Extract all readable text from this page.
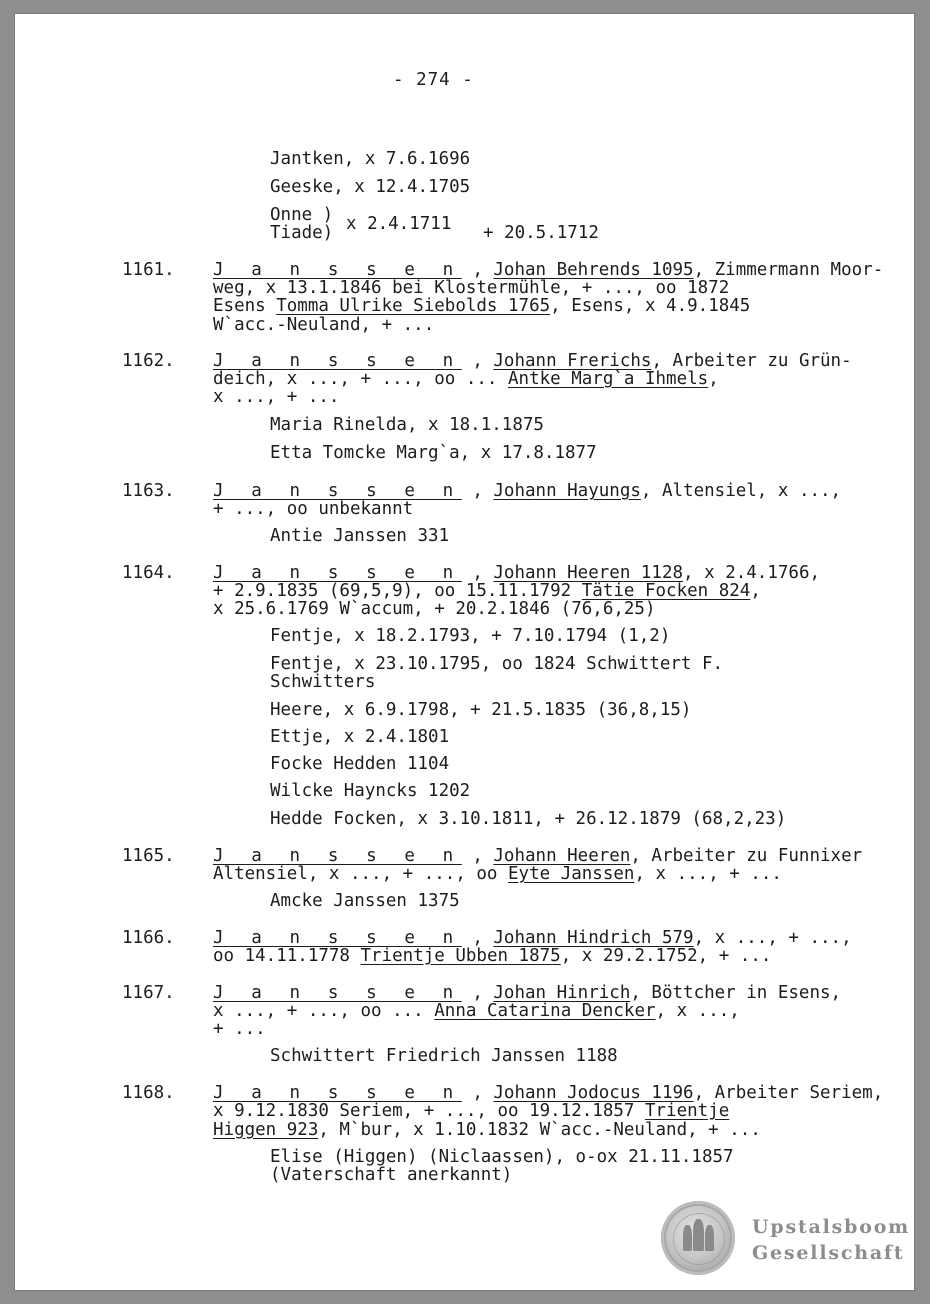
- 274 -
Jantken, x 7.6.1696
Geeske, x 12.4.1705
Onne )
Tiade) x 2.4.1711 + 20.5.1712
1161. J a n s s e n , Johan Behrends 1095, Zimmermann Moor-
weg, x 13.1.1846 bei Klostermühle, + ..., oo 1872
Esens Tomma Ulrike Siebolds 1765, Esens, x 4.9.1845
W`acc.-Neuland, + ...
1162. J a n s s e n , Johann Frerichs, Arbeiter zu Grün-
deich, x ..., + ..., oo ... Antke Marg`a Ihmels,
x ..., + ...
Maria Rinelda, x 18.1.1875
Etta Tomcke Marg`a, x 17.8.1877
1163. J a n s s e n , Johann Hayungs, Altensiel, x ...,
+ ..., oo unbekannt
Antie Janssen 331
1164. J a n s s e n , Johann Heeren 1128, x 2.4.1766,
+ 2.9.1835 (69,5,9), oo 15.11.1792 Tätie Focken 824,
x 25.6.1769 W`accum, + 20.2.1846 (76,6,25)
Fentje, x 18.2.1793, + 7.10.1794 (1,2)
Fentje, x 23.10.1795, oo 1824 Schwittert F.
Schwitters
Heere, x 6.9.1798, + 21.5.1835 (36,8,15)
Ettje, x 2.4.1801
Focke Hedden 1104
Wilcke Hayncks 1202
Hedde Focken, x 3.10.1811, + 26.12.1879 (68,2,23)
1165. J a n s s e n , Johann Heeren, Arbeiter zu Funnixer
Altensiel, x ..., + ..., oo Eyte Janssen, x ..., + ...
Amcke Janssen 1375
1166. J a n s s e n , Johann Hindrich 579, x ..., + ...,
oo 14.11.1778 Trientje Ubben 1875, x 29.2.1752, + ...
1167. J a n s s e n , Johan Hinrich, Böttcher in Esens,
x ..., + ..., oo ... Anna Catarina Dencker, x ...,
+ ...
Schwittert Friedrich Janssen 1188
1168. J a n s s e n , Johann Jodocus 1196, Arbeiter Seriem,
x 9.12.1830 Seriem, + ..., oo 19.12.1857 Trientje
Higgen 923, M`bur, x 1.10.1832 W`acc.-Neuland, + ...
Elise (Higgen) (Niclaassen), o-ox 21.11.1857
(Vaterschaft anerkannt)
Upstalsboom
Gesellschaft
